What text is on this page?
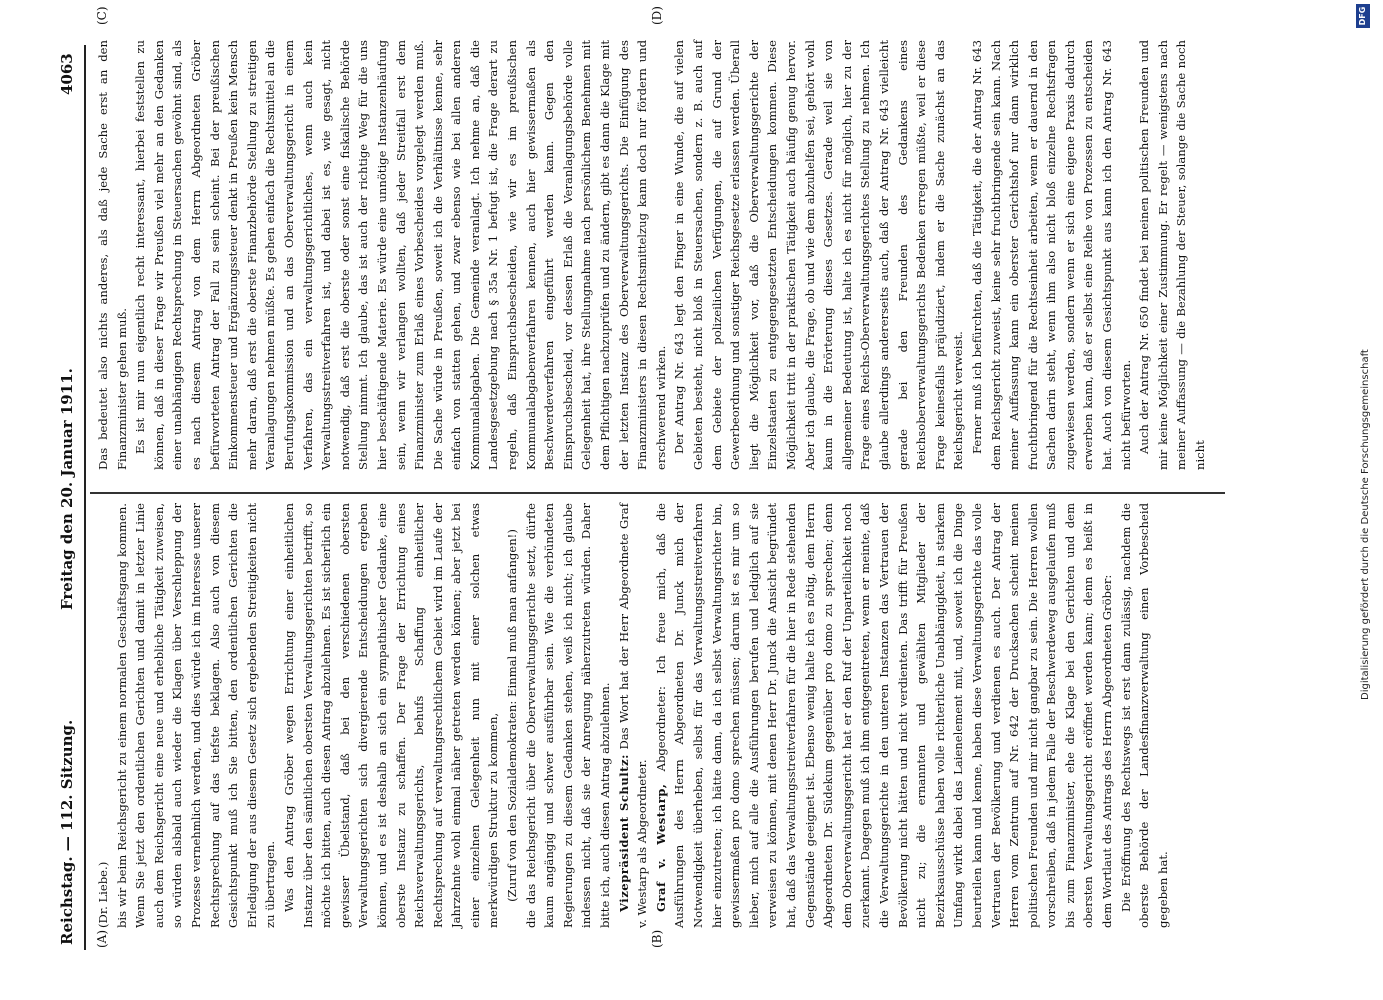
Reichstag. — 112. Sitzung.
Freitag den 20. Januar 1911.
4063
(A)	(B)
(C)	(D)

(Dr. Liebe.) bis wir beim Reichsgericht zu einem normalen Geschäftsgang kommen. Wenn Sie jetzt den ordentlichen Gerichten und damit in letzter Linie auch dem Reichsgericht eine neue und erhebliche Tätigkeit zuweisen, so würden alsbald auch wieder die Klagen über Verschleppung der Prozesse vernehmlich werden, und dies würde ich im Interesse unserer Rechtsprechung auf das tiefste beklagen. Also auch von diesem Gesichtspunkt muß ich Sie bitten, den ordentlichen Gerichten die Erledigung der aus diesem Gesetz sich ergebenden Streitigkeiten nicht zu übertragen. Was den Antrag Gröber wegen Errichtung einer einheitlichen Instanz über den sämtlichen obersten Verwaltungsgerichten betrifft, so möchte ich bitten, auch diesen Antrag abzulehnen. Es ist sicherlich ein gewisser Übelstand, daß bei den verschiedenen obersten Verwaltungsgerichten sich divergierende Entscheidungen ergeben können, und es ist deshalb an sich ein sympathischer Gedanke, eine oberste Instanz zu schaffen. Der Frage der Errichtung eines Reichsverwaltungsgerichts, behufs Schaffung einheitlicher Rechtsprechung auf verwaltungsrechtlichem Gebiet wird im Laufe der Jahrzehnte wohl einmal näher getreten werden können; aber jetzt bei einer einzelnen Gelegenheit nun mit einer solchen etwas merkwürdigen Struktur zu kommen, (Zuruf von den Sozialdemokraten: Einmal muß man anfangen!) die das Reichsgericht über die Oberverwaltungsgerichte setzt, dürfte kaum angängig und schwer ausführbar sein. Wie die verbündeten Regierungen zu diesem Gedanken stehen, weiß ich nicht; ich glaube indessen nicht, daß sie der Anregung näherzutreten würden. Daher bitte ich, auch diesen Antrag abzulehnen. Vizepräsident Schultz: Das Wort hat der Herr Abgeordnete Graf v. Westarp als Abgeordneter. Graf v. Westarp, Abgeordneter: Ich freue mich, daß die Ausführungen des Herrn Abgeordneten Dr. Junck mich der Notwendigkeit überheben, selbst für das Verwaltungsstreitverfahren hier einzutreten; ich hätte dann, da ich selbst Verwaltungsrichter bin, gewissermaßen pro domo sprechen müssen; darum ist es mir um so lieber, mich auf alle die Ausführungen berufen und lediglich auf sie verweisen zu können, mit denen Herr Dr. Junck die Ansicht begründet hat, daß das Verwaltungsstreitverfahren für die hier in Rede stehenden Gegenstände geeignet ist. Ebenso wenig halte ich es nötig, dem Herrn Abgeordneten Dr. Südekum gegenüber pro domo zu sprechen; denn dem Oberverwaltungsgericht hat er den Ruf der Unparteilichkeit noch zuerkannt. Dagegen muß ich ihm entgegentreten, wenn er meinte, daß die Verwaltungsgerichte in den unteren Instanzen das Vertrauen der Bevölkerung nicht hätten und nicht verdienten. Das trifft für Preußen nicht zu; die ernannten und gewählten Mitglieder der Bezirksausschüsse haben volle richterliche Unabhängigkeit, in starkem Umfang wirkt dabei das Laienelement mit, und, soweit ich die Dinge beurteilen kann und kenne, haben diese Verwaltungsgerichte das volle Vertrauen der Bevölkerung und verdienen es auch. Der Antrag der Herren vom Zentrum auf Nr. 642 der Drucksachen scheint meinen politischen Freunden und mir nicht gangbar zu sein. Die Herren wollen vorschreiben, daß in jedem Falle der Beschwerdeweg ausgelaufen muß bis zum Finanzminister, ehe die Klage bei den Gerichten und dem obersten Verwaltungsgericht eröffnet werden kann; denn es heißt in dem Wortlaut des Antrags des Herrn Abgeordneten Gröber: Die Eröffnung des Rechtswegs ist erst dann zulässig, nachdem die oberste Behörde der Landesfinanzverwaltung einen Vorbescheid gegeben hat.

Das bedeutet also nichts anderes, als daß jede Sache erst an den Finanzminister gehen muß. Es ist mir nun eigentlich recht interessant, hierbei feststellen zu können, daß in dieser Frage wir Preußen viel mehr an den Gedanken einer unabhängigen Rechtsprechung in Steuersachen gewöhnt sind, als es nach diesem Antrag von dem Herrn Abgeordneten Gröber befürworteten Antrag der Fall zu sein scheint. Bei der preußischen Einkommensteuer und Ergänzungssteuer denkt in Preußen kein Mensch mehr daran, daß erst die oberste Finanzbehörde Stellung zu streitigen Veranlagungen nehmen müßte. Es gehen einfach die Rechtsmittel an die Berufungskommission und an das Oberverwaltungsgericht in einem Verfahren, das ein verwaltungsgerichtliches, wenn auch kein Verwaltungsstreitverfahren ist, und dabei ist es, wie gesagt, nicht notwendig, daß erst die oberste oder sonst eine fiskalische Behörde Stellung nimmt. Ich glaube, das ist auch der richtige Weg für die uns hier beschäftigende Materie. Es würde eine unnötige Instanzenhäufung sein, wenn wir verlangen wollten, daß jeder Streitfall erst dem Finanzminister zum Erlaß eines Vorbescheides vorgelegt werden muß. Die Sache würde in Preußen, soweit ich die Verhältnisse kenne, sehr einfach von statten gehen, und zwar ebenso wie bei allen anderen Kommunalabgaben. Die Gemeinde veranlagt. Ich nehme an, daß die Landesgesetzgebung nach § 35a Nr. 1 befugt ist, die Frage derart zu regeln, daß Einspruchsbescheiden, wie wir es im preußischen Kommunalabgabenverfahren kennen, auch hier gewissermaßen als Beschwerdeverfahren eingeführt werden kann. Gegen den Einspruchsbescheid, vor dessen Erlaß die Veranlagungsbehörde volle Gelegenheit hat, ihre Stellungnahme nach persönlichem Benehmen mit dem Pflichtigen nachzuprüfen und zu ändern, gibt es dann die Klage mit der letzten Instanz des Oberverwaltungsgerichts. Die Einfügung des Finanzministers in diesen Rechtsmittelzug kann doch nur fördern und erschwerend wirken. Der Antrag Nr. 643 legt den Finger in eine Wunde, die auf vielen Gebieten besteht, nicht bloß in Steuersachen, sondern z. B. auch auf dem Gebiete der polizeilichen Verfügungen, die auf Grund der Gewerbeordnung und sonstiger Reichsgesetze erlassen werden. Überall liegt die Möglichkeit vor, daß die Oberverwaltungsgerichte der Einzelstaaten zu entgegengesetzten Entscheidungen kommen. Diese Möglichkeit tritt in der praktischen Tätigkeit auch häufig genug hervor. Aber ich glaube, die Frage, ob und wie dem abzuhelfen sei, gehört wohl kaum in die Erörterung dieses Gesetzes. Gerade weil sie von allgemeiner Bedeutung ist, halte ich es nicht für möglich, hier zu der Frage eines Reichs-Oberverwaltungsgerichtes Stellung zu nehmen. Ich glaube allerdings andererseits auch, daß der Antrag Nr. 643 vielleicht gerade bei den Freunden des Gedankens eines Reichsoberverwaltungsgerichts Bedenken erregen müßte, weil er diese Frage keinesfalls präjudiziert, indem er die Sache zunächst an das Reichsgericht verweist. Ferner muß ich befürchten, daß die Tätigkeit, die der Antrag Nr. 643 dem Reichsgericht zuweist, keine sehr fruchtbringende sein kann. Nach meiner Auffassung kann ein oberster Gerichtshof nur dann wirklich fruchtbringend für die Rechtseinheit arbeiten, wenn er dauernd in den Sachen darin steht, wenn ihm also nicht bloß einzelne Rechtsfragen zugewiesen werden, sondern wenn er sich eine eigene Praxis dadurch erwerben kann, daß er selbst eine Reihe von Prozessen zu entscheiden hat. Auch von diesem Gesichtspunkt aus kann ich den Antrag Nr. 643 nicht befürworten. Auch der Antrag Nr. 650 findet bei meinen politischen Freunden und mir keine Möglichkeit einer Zustimmung. Er regelt — wenigstens nach meiner Auffassung — die Bezahlung der Steuer, solange die Sache noch nicht	Digitalisierung gefördert durch die Deutsche Forschungsgemeinschaft
DFG
